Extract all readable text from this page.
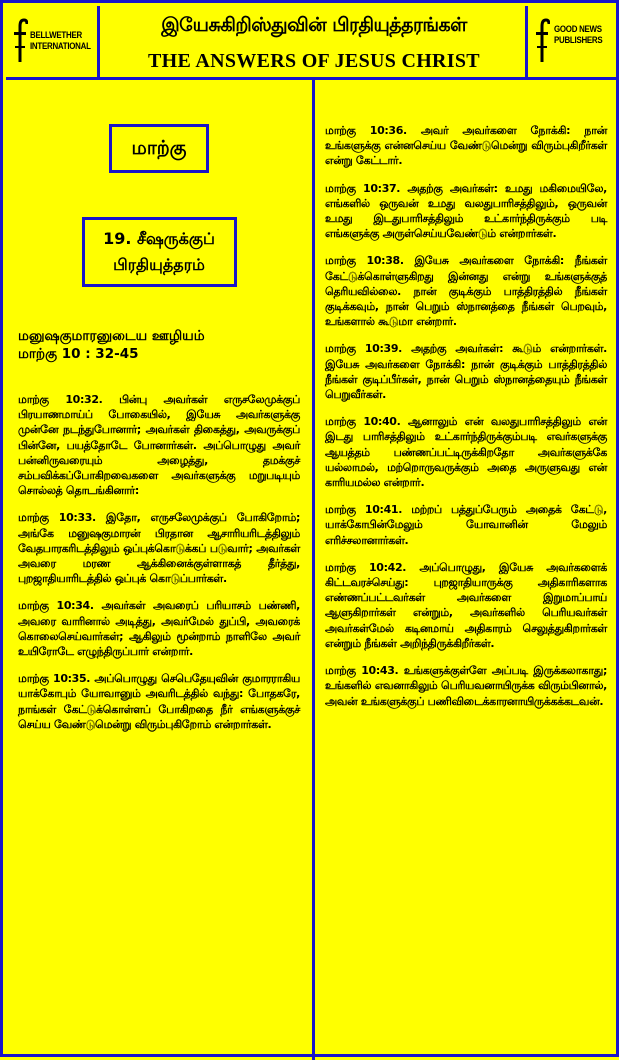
BELLWETHER
INTERNATIONAL
இயேசுகிறிஸ்துவின் பிரதியுத்தரங்கள்
THE ANSWERS OF JESUS CHRIST
GOOD NEWS
PUBLISHERS
மாற்கு
19. சீஷருக்குப்
பிரதியுத்தரம்
மனுஷகுமாரனுடைய ஊழியம்
மாற்கு 10 : 32-45

மாற்கு 10:32. பின்பு அவர்கள் எருசலேமுக்குப் பிரயாணமாய்ப் போகையில், இயேசு அவர்களுக்கு முன்னே நடந்துபோனார்; அவர்கள் திகைத்து, அவருக்குப் பின்னே, பயத்தோடே போனார்கள். அப்பொழுது அவர் பன்னிருவரையும் அழைத்து, தமக்குச் சம்பவிக்கப்போகிறவைகளை அவர்களுக்கு மறுபடியும் சொல்லத் தொடங்கினார்:

மாற்கு 10:33. இதோ, எருசலேமுக்குப் போகிறோம்; அங்கே மனுஷகுமாரன் பிரதான ஆசாரியரிடத்திலும் வேதபாரகரிடத்திலும் ஒப்புக்கொடுக்கப் படுவார்; அவர்கள் அவரை மரண ஆக்கினைக்குள்ளாகத் தீர்த்து, புறஜாதியாரிடத்தில் ஒப்புக் கொடுப்பார்கள்.

மாற்கு 10:34. அவர்கள் அவரைப் பரியாசம் பண்ணி, அவரை வாரினால் அடித்து, அவர்மேல் துப்பி, அவரைக் கொலைசெய்வார்கள்; ஆகிலும் மூன்றாம் நாளிலே அவர் உயிரோடே எழுந்திருப்பார் என்றார்.

மாற்கு 10:35. அப்பொழுது செபெதேயுவின் குமாரராகிய யாக்கோபும் யோவானும் அவரிடத்தில் வந்து: போதகரே, நாங்கள் கேட்டுக்கொள்ளப் போகிறதை நீர் எங்களுக்குச் செய்ய வேண்டுமென்று விரும்புகிறோம் என்றார்கள்.

மாற்கு 10:36. அவர் அவர்களை நோக்கி: நான் உங்களுக்கு என்னசெய்ய வேண்டுமென்று விரும்புகிறீர்கள் என்று கேட்டார்.

மாற்கு 10:37. அதற்கு அவர்கள்: உமது மகிமையிலே, எங்களில் ஒருவன் உமது வலதுபாரிசத்திலும், ஒருவன் உமது இடதுபாரிசத்திலும் உட்கார்ந்திருக்கும் படி எங்களுக்கு அருள்செய்யவேண்டும் என்றார்கள்.

மாற்கு 10:38. இயேசு அவர்களை நோக்கி: நீங்கள் கேட்டுக்கொள்ளுகிறது இன்னது என்று உங்களுக்குத் தெரியவில்லை. நான் குடிக்கும் பாத்திரத்தில் நீங்கள் குடிக்கவும், நான் பெறும் ஸ்நானத்தை நீங்கள் பெறவும், உங்களால் கூடுமா என்றார்.

மாற்கு 10:39. அதற்கு அவர்கள்: கூடும் என்றார்கள். இயேசு அவர்களை நோக்கி: நான் குடிக்கும் பாத்திரத்தில் நீங்கள் குடிப்பீர்கள், நான் பெறும் ஸ்நானத்தையும் நீங்கள் பெறுவீர்கள்.

மாற்கு 10:40. ஆனாலும் என் வலதுபாரிசத்திலும் என் இடது பாரிசத்திலும் உட்கார்ந்திருக்கும்படி எவர்களுக்கு ஆயத்தம் பண்ணப்பட்டிருக்கிறதோ அவர்களுக்கே யல்லாமல், மற்றொருவருக்கும் அதை அருளுவது என் காரியமல்ல என்றார்.

மாற்கு 10:41. மற்றப் பத்துப்பேரும் அதைக் கேட்டு, யாக்கோபின்மேலும் யோவானின் மேலும் எரிச்சலானார்கள்.

மாற்கு 10:42. அப்பொழுது, இயேசு அவர்களைக் கிட்டவரச்செய்து: புறஜாதியாருக்கு அதிகாரிகளாக எண்ணப்பட்டவர்கள் அவர்களை இறுமாப்பாய் ஆளுகிறார்கள் என்றும், அவர்களில் பெரியவர்கள் அவர்கள்மேல் கடினமாய் அதிகாரம் செலுத்துகிறார்கள் என்றும் நீங்கள் அறிந்திருக்கிறீர்கள்.

மாற்கு 10:43. உங்களுக்குள்ளே அப்படி இருக்கலாகாது; உங்களில் எவனாகிலும் பெரியவனாயிருக்க விரும்பினால், அவன் உங்களுக்குப் பணிவிடைக்காரனாயிருக்கக்கடவன்.
